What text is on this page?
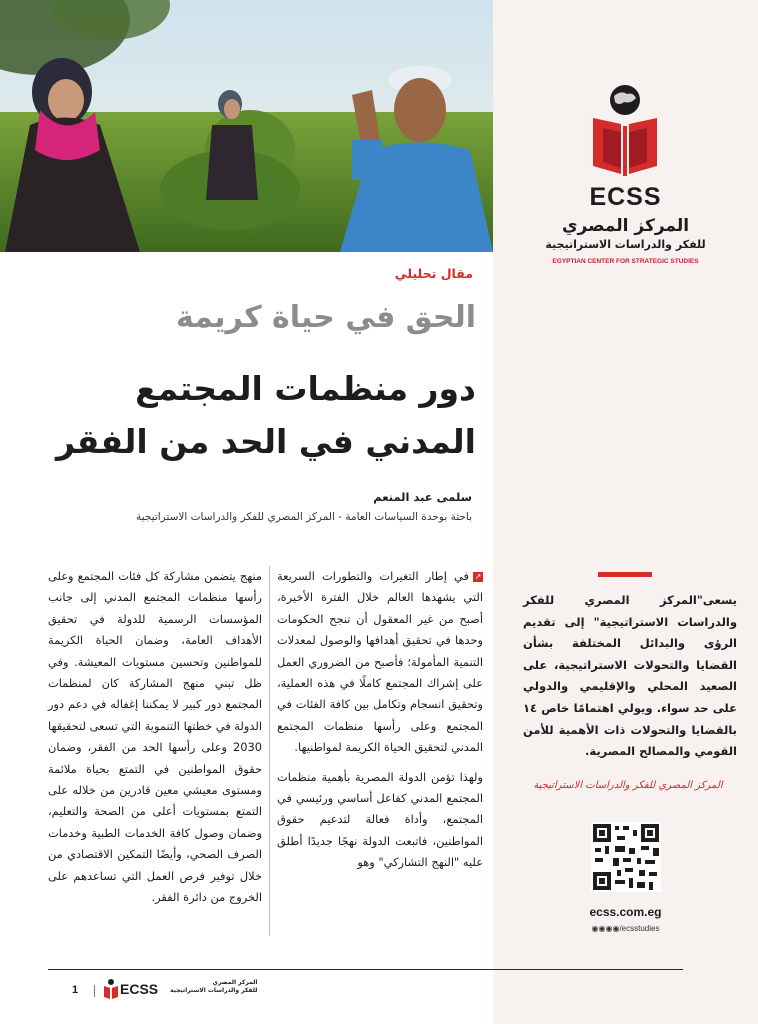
ECSS
المركز المصري
للفكر والدراسات الاستراتيجية
EGYPTIAN CENTER FOR STRATEGIC STUDIES
يسعى"المركز المصري للفكر والدراسات الاستراتيجية" إلى تقديم الرؤى والبدائل المختلفة بشأن القضايا والتحولات الاستراتيجية، على الصعيد المحلي والإقليمي والدولي على حد سواء. ويولي اهتمامًا خاص ١٤ بالقضايا والتحولات ذات الأهمية للأمن القومي والمصالح المصرية.
المركز المصري للفكر والدراسات الاستراتيجية
ecss.com.eg
◉◉◉◉/ecsstudies
مقال تحليلي
الحق في حياة كريمة
دور منظمات المجتمع المدني في الحد من الفقر
سلمى عبد المنعم
باحثة بوحدة السياسات العامة - المركز المصري للفكر والدراسات الاستراتيجية

↗في إطار التغيرات والتطورات السريعة التي يشهدها العالم خلال الفترة الأخيرة، أصبح من غير المعقول أن تنجح الحكومات وحدها في تحقيق أهدافها والوصول لمعدلات التنمية المأمولة؛ فأصبح من الضروري العمل على إشراك المجتمع كاملًا في هذه العملية، وتحقيق انسجام وتكامل بين كافة الفئات في المجتمع وعلى رأسها منظمات المجتمع المدني لتحقيق الحياة الكريمة لمواطنيها.

ولهذا تؤمن الدولة المصرية بأهمية منظمات المجتمع المدني كفاعل أساسي ورئيسي في المجتمع، وأداة فعالة لتدعيم حقوق المواطنين، فاتبعت الدولة نهجًا جديدًا أطلق عليه "النهج التشاركي" وهو

منهج يتضمن مشاركة كل فئات المجتمع وعلى رأسها منظمات المجتمع المدني إلى جانب المؤسسات الرسمية للدولة في تحقيق الأهداف العامة، وضمان الحياة الكريمة للمواطنين وتحسين مستويات المعيشة. وفي ظل تبني منهج المشاركة كان لمنظمات المجتمع دور كبير لا يمكننا إغفاله في دعم دور الدولة في خطتها التنموية التي تسعى لتحقيقها 2030 وعلى رأسها الحد من الفقر، وضمان حقوق المواطنين في التمتع بحياة ملائمة ومستوى معيشي معين قادرين من خلاله على التمتع بمستويات أعلى من الصحة والتعليم، وضمان وصول كافة الخدمات الطبية وخدمات الصرف الصحي، وأيضًا التمكين الاقتصادي من خلال توفير فرص العمل التي تساعدهم على الخروج من دائرة الفقر.

1	ECSS	المركز المصري
للفكر والدراسات الاستراتيجية
